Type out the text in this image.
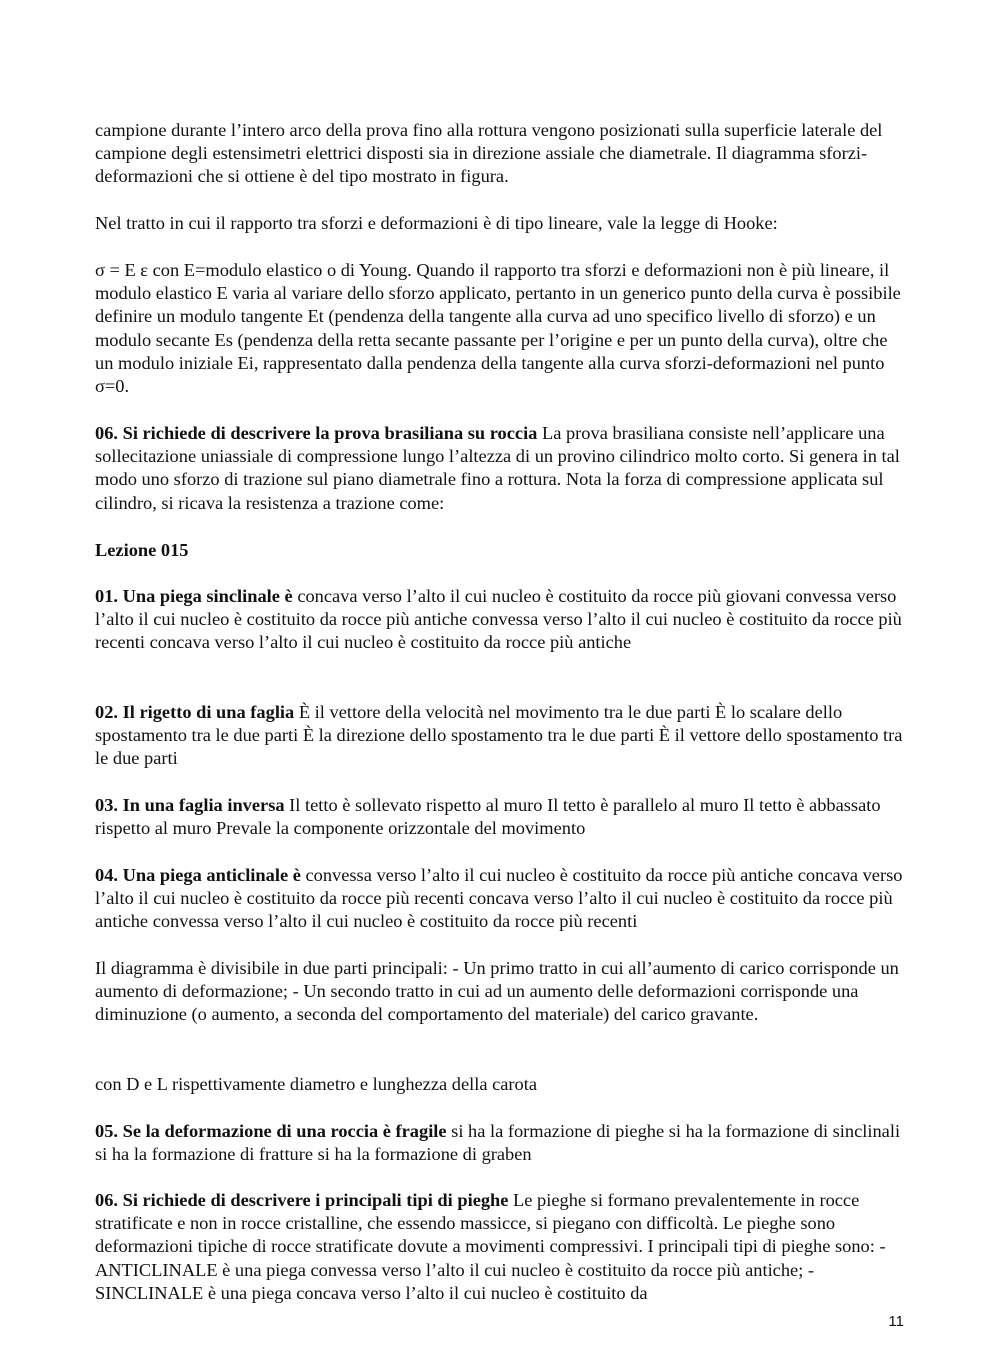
campione durante l’intero arco della prova fino alla rottura vengono posizionati sulla superficie laterale del campione degli estensimetri elettrici disposti sia in direzione assiale che diametrale. Il diagramma sforzi-deformazioni che si ottiene è del tipo mostrato in figura.

Nel tratto in cui il rapporto tra sforzi e deformazioni è di tipo lineare, vale la legge di Hooke:

σ = E ε con E=modulo elastico o di Young. Quando il rapporto tra sforzi e deformazioni non è più lineare, il modulo elastico E varia al variare dello sforzo applicato, pertanto in un generico punto della curva è possibile definire un modulo tangente Et (pendenza della tangente alla curva ad uno specifico livello di sforzo) e un modulo secante Es (pendenza della retta secante passante per l’origine e per un punto della curva), oltre che un modulo iniziale Ei, rappresentato dalla pendenza della tangente alla curva sforzi-deformazioni nel punto σ=0.

06. Si richiede di descrivere la prova brasiliana su roccia La prova brasiliana consiste nell’applicare una sollecitazione uniassiale di compressione lungo l’altezza di un provino cilindrico molto corto. Si genera in tal modo uno sforzo di trazione sul piano diametrale fino a rottura. Nota la forza di compressione applicata sul cilindro, si ricava la resistenza a trazione come:

Lezione 015

01. Una piega sinclinale è concava verso l’alto il cui nucleo è costituito da rocce più giovani convessa verso l’alto il cui nucleo è costituito da rocce più antiche convessa verso l’alto il cui nucleo è costituito da rocce più recenti concava verso l’alto il cui nucleo è costituito da rocce più antiche

02. Il rigetto di una faglia È il vettore della velocità nel movimento tra le due parti È lo scalare dello spostamento tra le due parti È la direzione dello spostamento tra le due parti È il vettore dello spostamento tra le due parti

03. In una faglia inversa Il tetto è sollevato rispetto al muro Il tetto è parallelo al muro Il tetto è abbassato rispetto al muro Prevale la componente orizzontale del movimento

04. Una piega anticlinale è convessa verso l’alto il cui nucleo è costituito da rocce più antiche concava verso l’alto il cui nucleo è costituito da rocce più recenti concava verso l’alto il cui nucleo è costituito da rocce più antiche convessa verso l’alto il cui nucleo è costituito da rocce più recenti

Il diagramma è divisibile in due parti principali: - Un primo tratto in cui all’aumento di carico corrisponde un aumento di deformazione; - Un secondo tratto in cui ad un aumento delle deformazioni corrisponde una diminuzione (o aumento, a seconda del comportamento del materiale) del carico gravante.

con D e L rispettivamente diametro e lunghezza della carota

05. Se la deformazione di una roccia è fragile si ha la formazione di pieghe si ha la formazione di sinclinali si ha la formazione di fratture si ha la formazione di graben

06. Si richiede di descrivere i principali tipi di pieghe Le pieghe si formano prevalentemente in rocce stratificate e non in rocce cristalline, che essendo massicce, si piegano con difficoltà. Le pieghe sono deformazioni tipiche di rocce stratificate dovute a movimenti compressivi. I principali tipi di pieghe sono: - ANTICLINALE è una piega convessa verso l’alto il cui nucleo è costituito da rocce più antiche; - SINCLINALE è una piega concava verso l’alto il cui nucleo è costituito da

11
